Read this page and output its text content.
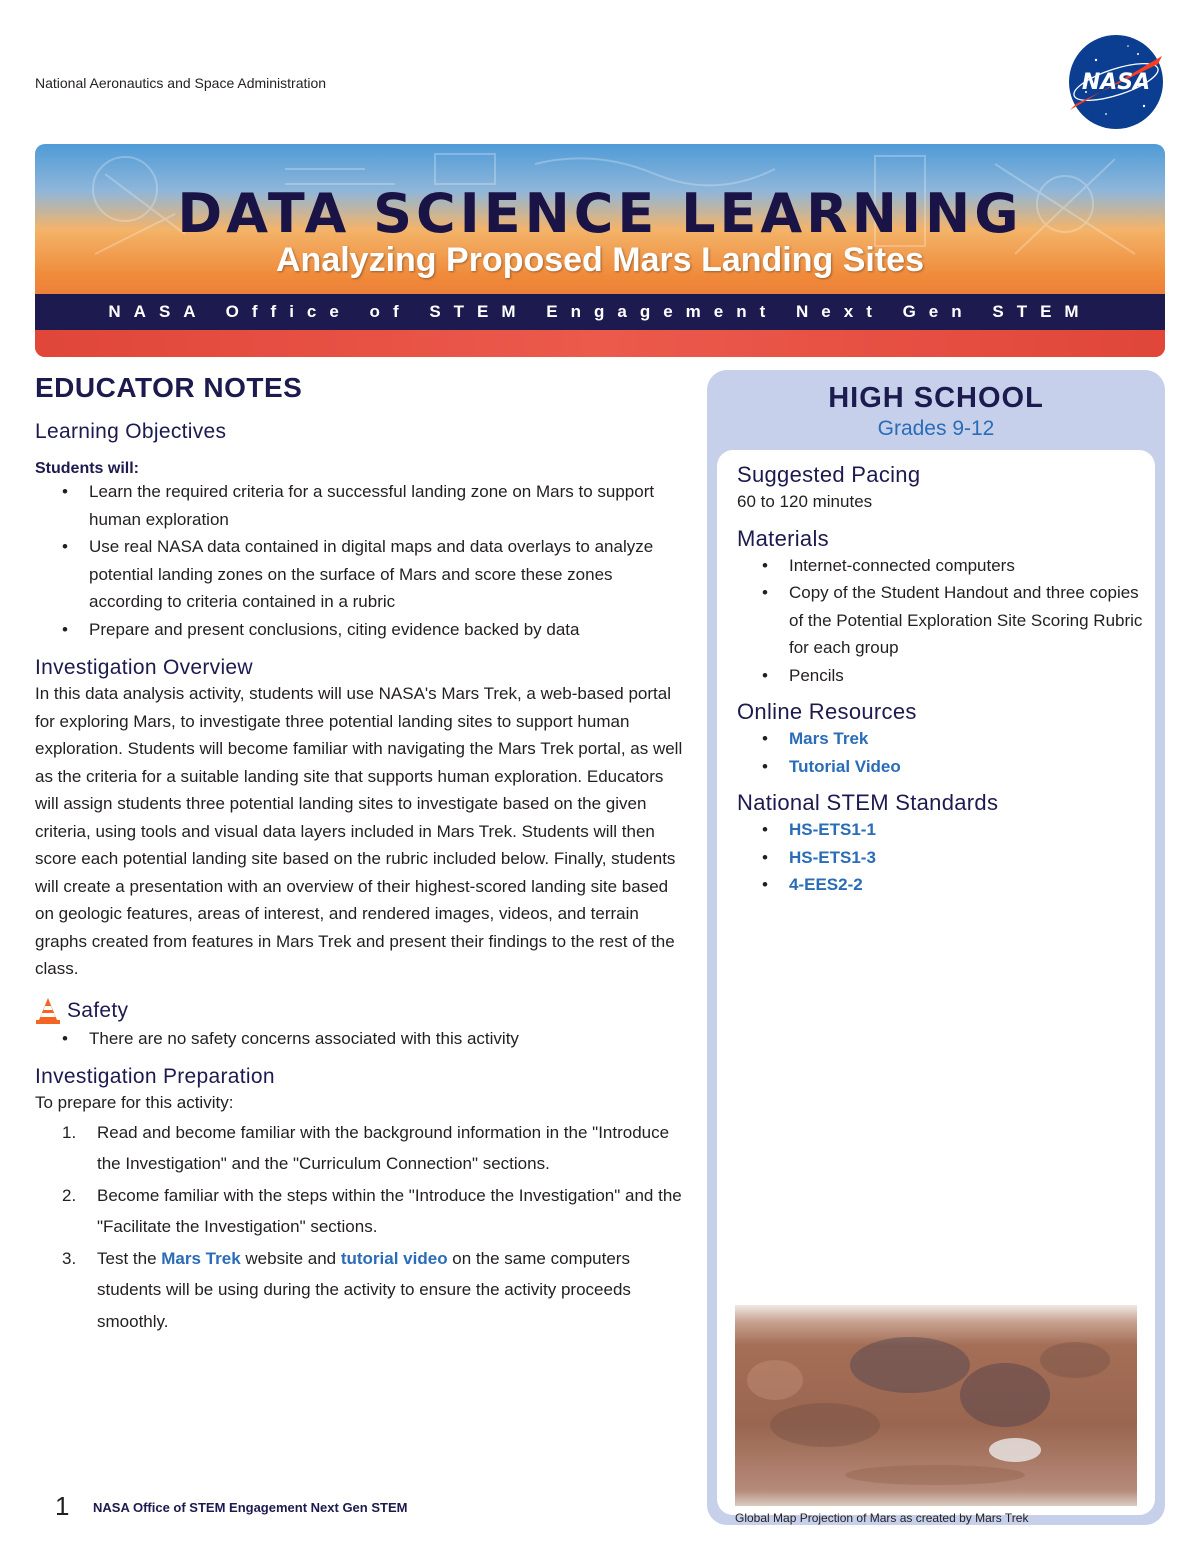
National Aeronautics and Space Administration	NASA
DATA SCIENCE LEARNING
Analyzing Proposed Mars Landing Sites
NASA Office of STEM Engagement Next Gen STEM
EDUCATOR NOTES
Learning Objectives
Students will:
• Learn the required criteria for a successful landing zone on Mars to support human exploration
• Use real NASA data contained in digital maps and data overlays to analyze potential landing zones on the surface of Mars and score these zones according to criteria contained in a rubric
• Prepare and present conclusions, citing evidence backed by data
Investigation Overview
In this data analysis activity, students will use NASA's Mars Trek, a web-based portal for exploring Mars, to investigate three potential landing sites to support human exploration. Students will become familiar with navigating the Mars Trek portal, as well as the criteria for a suitable landing site that supports human exploration. Educators will assign students three potential landing sites to investigate based on the given criteria, using tools and visual data layers included in Mars Trek. Students will then score each potential landing site based on the rubric included below. Finally, students will create a presentation with an overview of their highest-scored landing site based on geologic features, areas of interest, and rendered images, videos, and terrain graphs created from features in Mars Trek and present their findings to the rest of the class.
Safety
• There are no safety concerns associated with this activity
Investigation Preparation
To prepare for this activity:
1. Read and become familiar with the background information in the "Introduce the Investigation" and the "Curriculum Connection" sections.
2. Become familiar with the steps within the "Introduce the Investigation" and the "Facilitate the Investigation" sections.
3. Test the Mars Trek website and tutorial video on the same computers students will be using during the activity to ensure the activity proceeds smoothly.
HIGH SCHOOL
Grades 9-12
Suggested Pacing
60 to 120 minutes
Materials
• Internet-connected computers
• Copy of the Student Handout and three copies of the Potential Exploration Site Scoring Rubric for each group
• Pencils
Online Resources
• Mars Trek
• Tutorial Video
National STEM Standards
• HS-ETS1-1
• HS-ETS1-3
• 4-EES2-2
Global Map Projection of Mars as created by Mars Trek
1 NASA Office of STEM Engagement Next Gen STEM
